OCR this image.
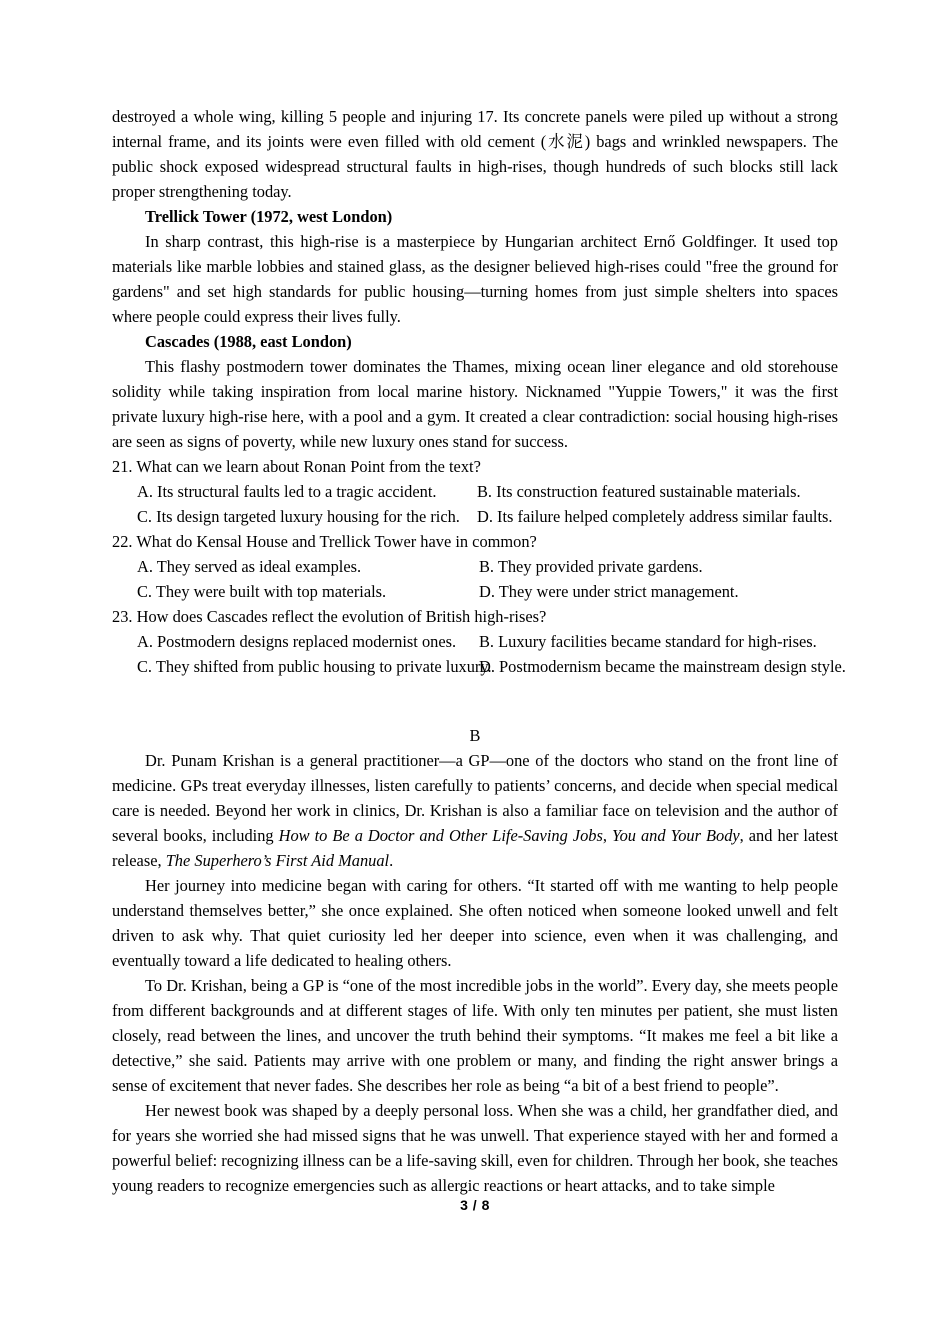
destroyed a whole wing, killing 5 people and injuring 17. Its concrete panels were piled up without a strong internal frame, and its joints were even filled with old cement (水泥) bags and wrinkled newspapers. The public shock exposed widespread structural faults in high-rises, though hundreds of such blocks still lack proper strengthening today.

Trellick Tower (1972, west London)

In sharp contrast, this high-rise is a masterpiece by Hungarian architect Ernő Goldfinger. It used top materials like marble lobbies and stained glass, as the designer believed high-rises could "free the ground for gardens" and set high standards for public housing—turning homes from just simple shelters into spaces where people could express their lives fully.

Cascades (1988, east London)

This flashy postmodern tower dominates the Thames, mixing ocean liner elegance and old storehouse solidity while taking inspiration from local marine history. Nicknamed "Yuppie Towers," it was the first private luxury high-rise here, with a pool and a gym. It created a clear contradiction: social housing high-rises are seen as signs of poverty, while new luxury ones stand for success.

21. What can we learn about Ronan Point from the text?

A. Its structural faults led to a tragic accident. B. Its construction featured sustainable materials.

C. Its design targeted luxury housing for the rich. D. Its failure helped completely address similar faults.

22. What do Kensal House and Trellick Tower have in common?

A. They served as ideal examples.	B. They provided private gardens.

C. They were built with top materials.	D. They were under strict management.

23. How does Cascades reflect the evolution of British high-rises?

A. Postmodern designs replaced modernist ones. B. Luxury facilities became standard for high-rises.

C. They shifted from public housing to private luxury.D. Postmodernism became the mainstream design style.

B

Dr. Punam Krishan is a general practitioner—a GP—one of the doctors who stand on the front line of medicine. GPs treat everyday illnesses, listen carefully to patients’ concerns, and decide when special medical care is needed. Beyond her work in clinics, Dr. Krishan is also a familiar face on television and the author of several books, including How to Be a Doctor and Other Life-Saving Jobs, You and Your Body, and her latest release, The Superhero’s First Aid Manual.

Her journey into medicine began with caring for others. “It started off with me wanting to help people understand themselves better,” she once explained. She often noticed when someone looked unwell and felt driven to ask why. That quiet curiosity led her deeper into science, even when it was challenging, and eventually toward a life dedicated to healing others.

To Dr. Krishan, being a GP is “one of the most incredible jobs in the world”. Every day, she meets people from different backgrounds and at different stages of life. With only ten minutes per patient, she must listen closely, read between the lines, and uncover the truth behind their symptoms. “It makes me feel a bit like a detective,” she said. Patients may arrive with one problem or many, and finding the right answer brings a sense of excitement that never fades. She describes her role as being “a bit of a best friend to people”.

Her newest book was shaped by a deeply personal loss. When she was a child, her grandfather died, and for years she worried she had missed signs that he was unwell. That experience stayed with her and formed a powerful belief: recognizing illness can be a life-saving skill, even for children. Through her book, she teaches young readers to recognize emergencies such as allergic reactions or heart attacks, and to take simple

3 / 8
